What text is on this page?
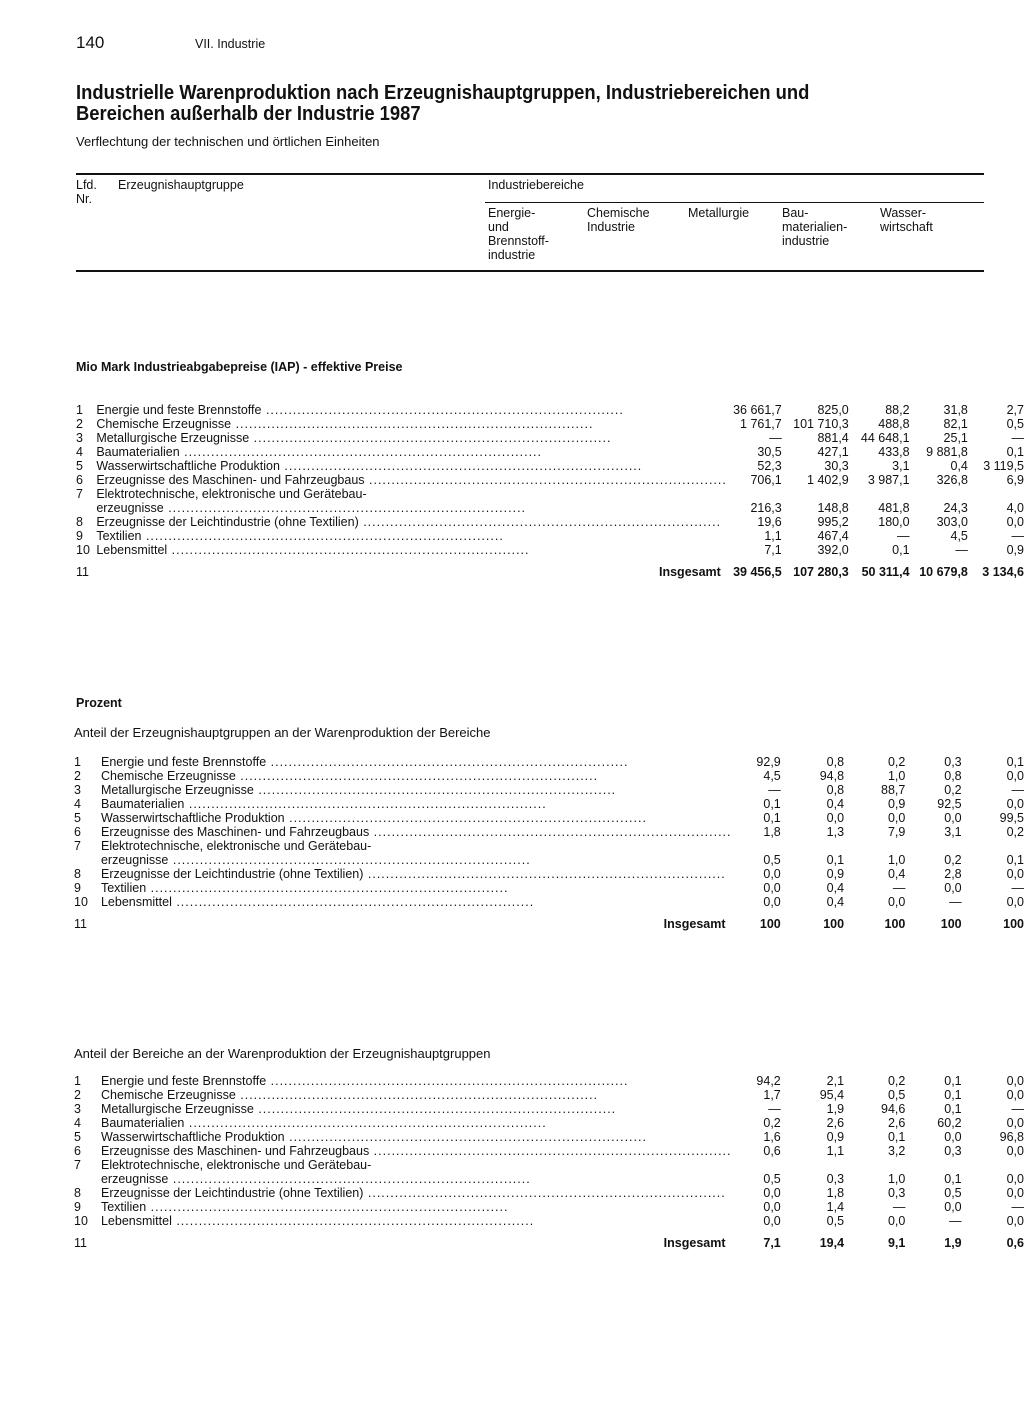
140	VII. Industrie
Industrielle Warenproduktion nach Erzeugnishauptgruppen, Industriebereichen und Bereichen außerhalb der Industrie 1987
Verflechtung der technischen und örtlichen Einheiten
Lfd. Nr.
Erzeugnishauptgruppe	Industriebereiche
Energie- und Brennstoff- industrie
Chemische Industrie
Metallurgie	Bau- materialien- industrie
Wasser- wirtschaft
Mio Mark Industrieabgabepreise (IAP) - effektive Preise
1	Energie und feste Brennstoffe ................................................................................	36 661,7	825,0	88,2	31,8	2,7
2	Chemische Erzeugnisse ................................................................................	1 761,7	101 710,3	488,8	82,1	0,5
3	Metallurgische Erzeugnisse ................................................................................	—	881,4	44 648,1	25,1	—
4	Baumaterialien ................................................................................	30,5	427,1	433,8	9 881,8	0,1
5	Wasserwirtschaftliche Produktion ................................................................................	52,3	30,3	3,1	0,4	3 119,5
6	Erzeugnisse des Maschinen- und Fahrzeugbaus ................................................................................	706,1	1 402,9	3 987,1	326,8	6,9
7	Elektrotechnische, elektronische und Gerätebau-					
	erzeugnisse ................................................................................	216,3	148,8	481,8	24,3	4,0
8	Erzeugnisse der Leichtindustrie (ohne Textilien) ................................................................................	19,6	995,2	180,0	303,0	0,0
9	Textilien ................................................................................	1,1	467,4	—	4,5	—
10	Lebensmittel ................................................................................	7,1	392,0	0,1	—	0,9
11	Insgesamt	39 456,5	107 280,3	50 311,4	10 679,8	3 134,6
Prozent
Anteil der Erzeugnishauptgruppen an der Warenproduktion der Bereiche
1	Energie und feste Brennstoffe ................................................................................	92,9	0,8	0,2	0,3	0,1
2	Chemische Erzeugnisse ................................................................................	4,5	94,8	1,0	0,8	0,0
3	Metallurgische Erzeugnisse ................................................................................	—	0,8	88,7	0,2	—
4	Baumaterialien ................................................................................	0,1	0,4	0,9	92,5	0,0
5	Wasserwirtschaftliche Produktion ................................................................................	0,1	0,0	0,0	0,0	99,5
6	Erzeugnisse des Maschinen- und Fahrzeugbaus ................................................................................	1,8	1,3	7,9	3,1	0,2
7	Elektrotechnische, elektronische und Gerätebau-					
	erzeugnisse ................................................................................	0,5	0,1	1,0	0,2	0,1
8	Erzeugnisse der Leichtindustrie (ohne Textilien) ................................................................................	0,0	0,9	0,4	2,8	0,0
9	Textilien ................................................................................	0,0	0,4	—	0,0	—
10	Lebensmittel ................................................................................	0,0	0,4	0,0	—	0,0
11	Insgesamt	100	100	100	100	100
Anteil der Bereiche an der Warenproduktion der Erzeugnishauptgruppen
1	Energie und feste Brennstoffe ................................................................................	94,2	2,1	0,2	0,1	0,0
2	Chemische Erzeugnisse ................................................................................	1,7	95,4	0,5	0,1	0,0
3	Metallurgische Erzeugnisse ................................................................................	—	1,9	94,6	0,1	—
4	Baumaterialien ................................................................................	0,2	2,6	2,6	60,2	0,0
5	Wasserwirtschaftliche Produktion ................................................................................	1,6	0,9	0,1	0,0	96,8
6	Erzeugnisse des Maschinen- und Fahrzeugbaus ................................................................................	0,6	1,1	3,2	0,3	0,0
7	Elektrotechnische, elektronische und Gerätebau-					
	erzeugnisse ................................................................................	0,5	0,3	1,0	0,1	0,0
8	Erzeugnisse der Leichtindustrie (ohne Textilien) ................................................................................	0,0	1,8	0,3	0,5	0,0
9	Textilien ................................................................................	0,0	1,4	—	0,0	—
10	Lebensmittel ................................................................................	0,0	0,5	0,0	—	0,0
11	Insgesamt	7,1	19,4	9,1	1,9	0,6
